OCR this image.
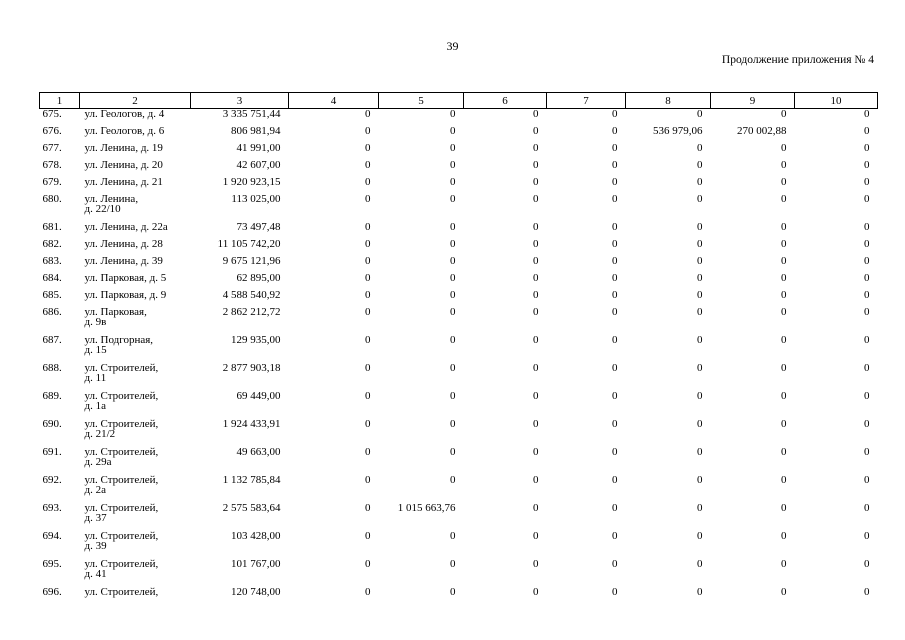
39
Продолжение приложения № 4
1	2	3	4	5	6	7	8	9	10
675.	ул. Геологов, д. 4	3 335 751,44	0	0	0	0	0	0	0
676.	ул. Геологов, д. 6	806 981,94	0	0	0	0	536 979,06	270 002,88	0
677.	ул. Ленина, д. 19	41 991,00	0	0	0	0	0	0	0
678.	ул. Ленина, д. 20	42 607,00	0	0	0	0	0	0	0
679.	ул. Ленина, д. 21	1 920 923,15	0	0	0	0	0	0	0
680.	ул. Ленина,
д. 22/10	113 025,00	0	0	0	0	0	0	0
681.	ул. Ленина, д. 22а	73 497,48	0	0	0	0	0	0	0
682.	ул. Ленина, д. 28	11 105 742,20	0	0	0	0	0	0	0
683.	ул. Ленина, д. 39	9 675 121,96	0	0	0	0	0	0	0
684.	ул. Парковая, д. 5	62 895,00	0	0	0	0	0	0	0
685.	ул. Парковая, д. 9	4 588 540,92	0	0	0	0	0	0	0
686.	ул. Парковая,
д. 9в	2 862 212,72	0	0	0	0	0	0	0
687.	ул. Подгорная,
д. 15	129 935,00	0	0	0	0	0	0	0
688.	ул. Строителей,
д. 11	2 877 903,18	0	0	0	0	0	0	0
689.	ул. Строителей,
д. 1а	69 449,00	0	0	0	0	0	0	0
690.	ул. Строителей,
д. 21/2	1 924 433,91	0	0	0	0	0	0	0
691.	ул. Строителей,
д. 29а	49 663,00	0	0	0	0	0	0	0
692.	ул. Строителей,
д. 2а	1 132 785,84	0	0	0	0	0	0	0
693.	ул. Строителей,
д. 37	2 575 583,64	0	1 015 663,76	0	0	0	0	0
694.	ул. Строителей,
д. 39	103 428,00	0	0	0	0	0	0	0
695.	ул. Строителей,
д. 41	101 767,00	0	0	0	0	0	0	0
696.	ул. Строителей,	120 748,00	0	0	0	0	0	0	0
